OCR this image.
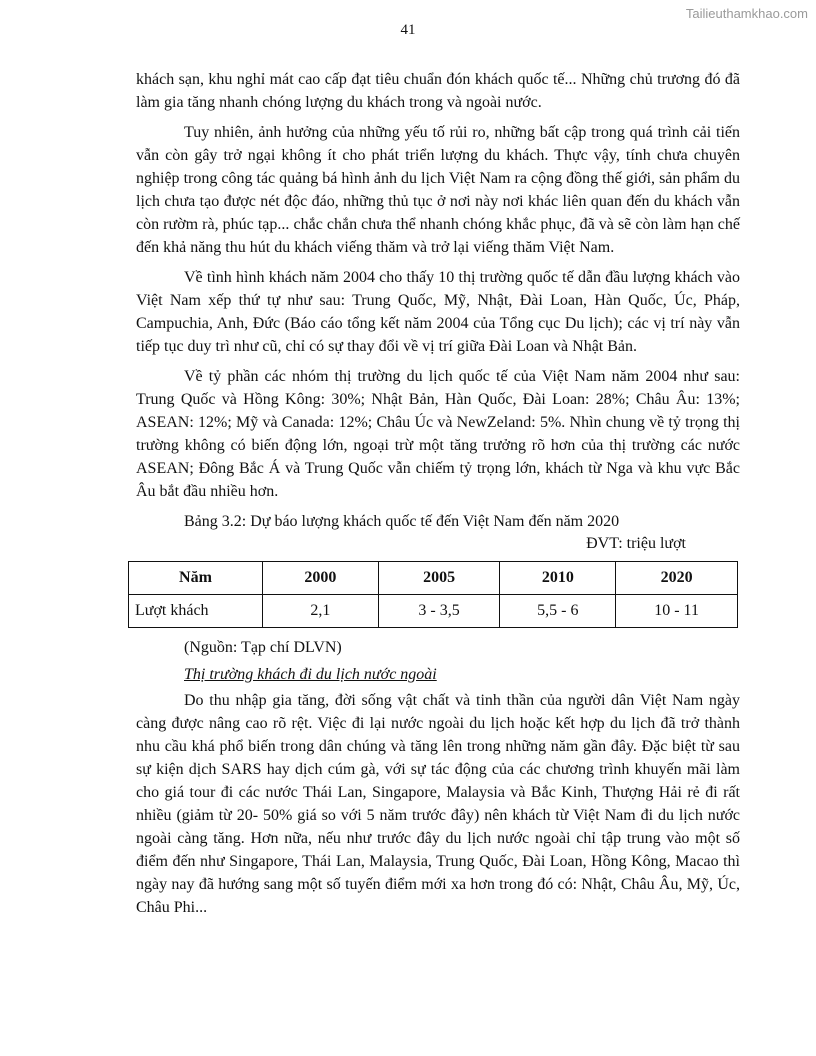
Tailieuthamkhao.com
41

khách sạn, khu nghỉ mát cao cấp đạt tiêu chuẩn đón khách quốc tế... Những chủ trương đó đã làm gia tăng nhanh chóng lượng du khách trong và ngoài nước.

Tuy nhiên, ảnh hưởng của những yếu tố rủi ro, những bất cập trong quá trình cải tiến vẫn còn gây trở ngại không ít cho phát triển lượng du khách. Thực vậy, tính chưa chuyên nghiệp trong công tác quảng bá hình ảnh du lịch Việt Nam ra cộng đồng thế giới, sản phẩm du lịch chưa tạo được nét độc đáo, những thủ tục ở nơi này nơi khác liên quan đến du khách vẫn còn rườm rà, phúc tạp... chắc chắn chưa thể nhanh chóng khắc phục, đã và sẽ còn làm hạn chế đến khả năng thu hút du khách viếng thăm và trở lại viếng thăm Việt Nam.

Về tình hình khách năm 2004 cho thấy 10 thị trường quốc tế dẫn đầu lượng khách vào Việt Nam xếp thứ tự như sau: Trung Quốc, Mỹ, Nhật, Đài Loan, Hàn Quốc, Úc, Pháp, Campuchia, Anh, Đức (Báo cáo tổng kết năm 2004 của Tổng cục Du lịch); các vị trí này vẫn tiếp tục duy trì như cũ, chỉ có sự thay đổi về vị trí giữa Đài Loan và Nhật Bản.

Về tỷ phần các nhóm thị trường du lịch quốc tế của Việt Nam năm 2004 như sau: Trung Quốc và Hồng Kông: 30%; Nhật Bản, Hàn Quốc, Đài Loan: 28%; Châu Âu: 13%; ASEAN: 12%; Mỹ và Canada: 12%; Châu Úc và NewZeland: 5%. Nhìn chung về tỷ trọng thị trường không có biến động lớn, ngoại trừ một tăng trưởng rõ hơn của thị trường các nước ASEAN; Đông Bắc Á và Trung Quốc vẫn chiếm tỷ trọng lớn, khách từ Nga và khu vực Bắc Âu bắt đầu nhiều hơn.

Bảng 3.2: Dự báo lượng khách quốc tế đến Việt Nam đến năm 2020
ĐVT: triệu lượt
Năm	2000	2005	2010	2020
Lượt khách	2,1	3 - 3,5	5,5 - 6	10 - 11
(Nguồn: Tạp chí DLVN)
Thị trường khách đi du lịch nước ngoài

Do thu nhập gia tăng, đời sống vật chất và tinh thần của người dân Việt Nam ngày càng được nâng cao rõ rệt. Việc đi lại nước ngoài du lịch hoặc kết hợp du lịch đã trở thành nhu cầu khá phổ biến trong dân chúng và tăng lên trong những năm gần đây. Đặc biệt từ sau sự kiện dịch SARS hay dịch cúm gà, với sự tác động của các chương trình khuyến mãi làm cho giá tour đi các nước Thái Lan, Singapore, Malaysia và Bắc Kinh, Thượng Hải rẻ đi rất nhiều (giảm từ 20- 50% giá so với 5 năm trước đây) nên khách từ Việt Nam đi du lịch nước ngoài càng tăng. Hơn nữa, nếu như trước đây du lịch nước ngoài chỉ tập trung vào một số điểm đến như Singapore, Thái Lan, Malaysia, Trung Quốc, Đài Loan, Hồng Kông, Macao thì ngày nay đã hướng sang một số tuyến điểm mới xa hơn trong đó có: Nhật, Châu Âu, Mỹ, Úc, Châu Phi...
